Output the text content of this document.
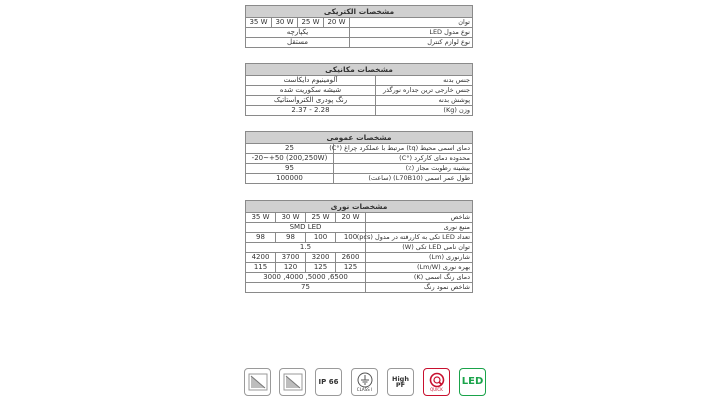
مشخصات الکتریکی				
35 W	30 W	25 W	20 W	توان
یکپارچه				نوع مدول LED
مستقل				نوع لوازم کنترل
مشخصات مکانیکی	
آلومینیوم دایکاست	جنس بدنه
شیشه سکوریت شده	جنس خارجی ترین جداره نورگذر
رنگ پودری الکترواستاتیک	پوشش بدنه
2.37 - 2.28	وزن (Kg)
مشخصات عمومی	
25	دمای اسمی محیط (tq) مرتبط با عملکرد چراغ (°C)
-20~+50 (200,250W)	محدوده دمای کارکرد (°C)
95	بیشینه رطوبت مجاز (٪)
100000	طول عمر اسمی (L70B10) (ساعت)
مشخصات نوری				
35 W	30 W	25 W	20 W	شاخص
SMD LED				منبع نوری
98	98	100	100	تعداد LED تکی به کاررفته در مدول (pcs)
1.5				توان نامی LED تکی (W)
4200	3700	3200	2600	شارنوری (Lm)
115	120	125	125	بهره نوری (Lm/W)
3000 ,4000 ,5000 ,6500				دمای رنگ اسمی (K)
75				شاخص نمود رنگ
IP 66
CLASS I
High PF
QUICK
LED
